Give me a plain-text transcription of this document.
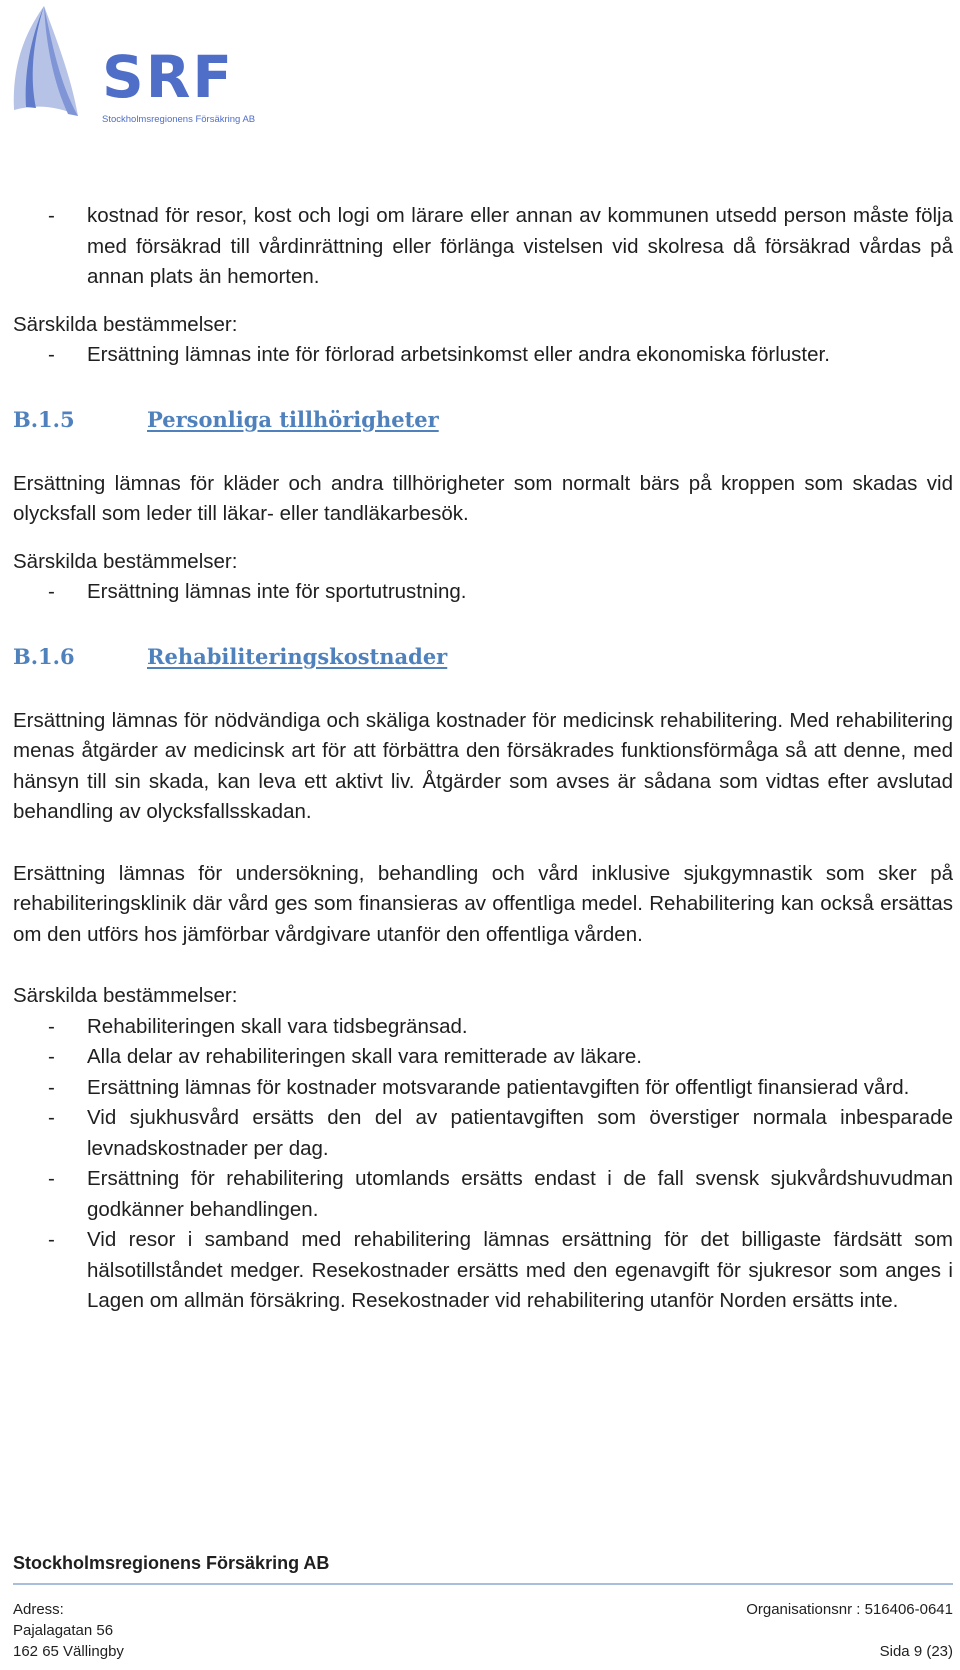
SRF
Stockholmsregionens Försäkring AB
- kostnad för resor, kost och logi om lärare eller annan av kommunen utsedd person måste följa med försäkrad till vårdinrättning eller förlänga vistelsen vid skolresa då försäkrad vårdas på annan plats än hemorten.

Särskilda bestämmelser:

- Ersättning lämnas inte för förlorad arbetsinkomst eller andra ekonomiska förluster.
B.1.5	Personliga tillhörigheter

Ersättning lämnas för kläder och andra tillhörigheter som normalt bärs på kroppen som skadas vid olycksfall som leder till läkar- eller tandläkarbesök.

Särskilda bestämmelser:

- Ersättning lämnas inte för sportutrustning.
B.1.6	Rehabiliteringskostnader

Ersättning lämnas för nödvändiga och skäliga kostnader för medicinsk rehabilitering. Med rehabilitering menas åtgärder av medicinsk art för att förbättra den försäkrades funktionsförmåga så att denne, med hänsyn till sin skada, kan leva ett aktivt liv. Åtgärder som avses är sådana som vidtas efter avslutad behandling av olycksfallsskadan.

Ersättning lämnas för undersökning, behandling och vård inklusive sjukgymnastik som sker på rehabiliteringsklinik där vård ges som finansieras av offentliga medel. Rehabilitering kan också ersättas om den utförs hos jämförbar vårdgivare utanför den offentliga vården.

Särskilda bestämmelser:

- Rehabiliteringen skall vara tidsbegränsad.
- Alla delar av rehabiliteringen skall vara remitterade av läkare.
- Ersättning lämnas för kostnader motsvarande patientavgiften för offentligt finansierad vård.
- Vid sjukhusvård ersätts den del av patientavgiften som överstiger normala inbesparade levnadskostnader per dag.
- Ersättning för rehabilitering utomlands ersätts endast i de fall svensk sjukvårdshuvudman godkänner behandlingen.
- Vid resor i samband med rehabilitering lämnas ersättning för det billigaste färdsätt som hälsotillståndet medger. Resekostnader ersätts med den egenavgift för sjukresor som anges i Lagen om allmän försäkring. Resekostnader vid rehabilitering utanför Norden ersätts inte.
Stockholmsregionens Försäkring AB
Adress:	Organisationsnr : 516406-0641
Pajalagatan 56
162 65 Vällingby	Sida 9 (23)
